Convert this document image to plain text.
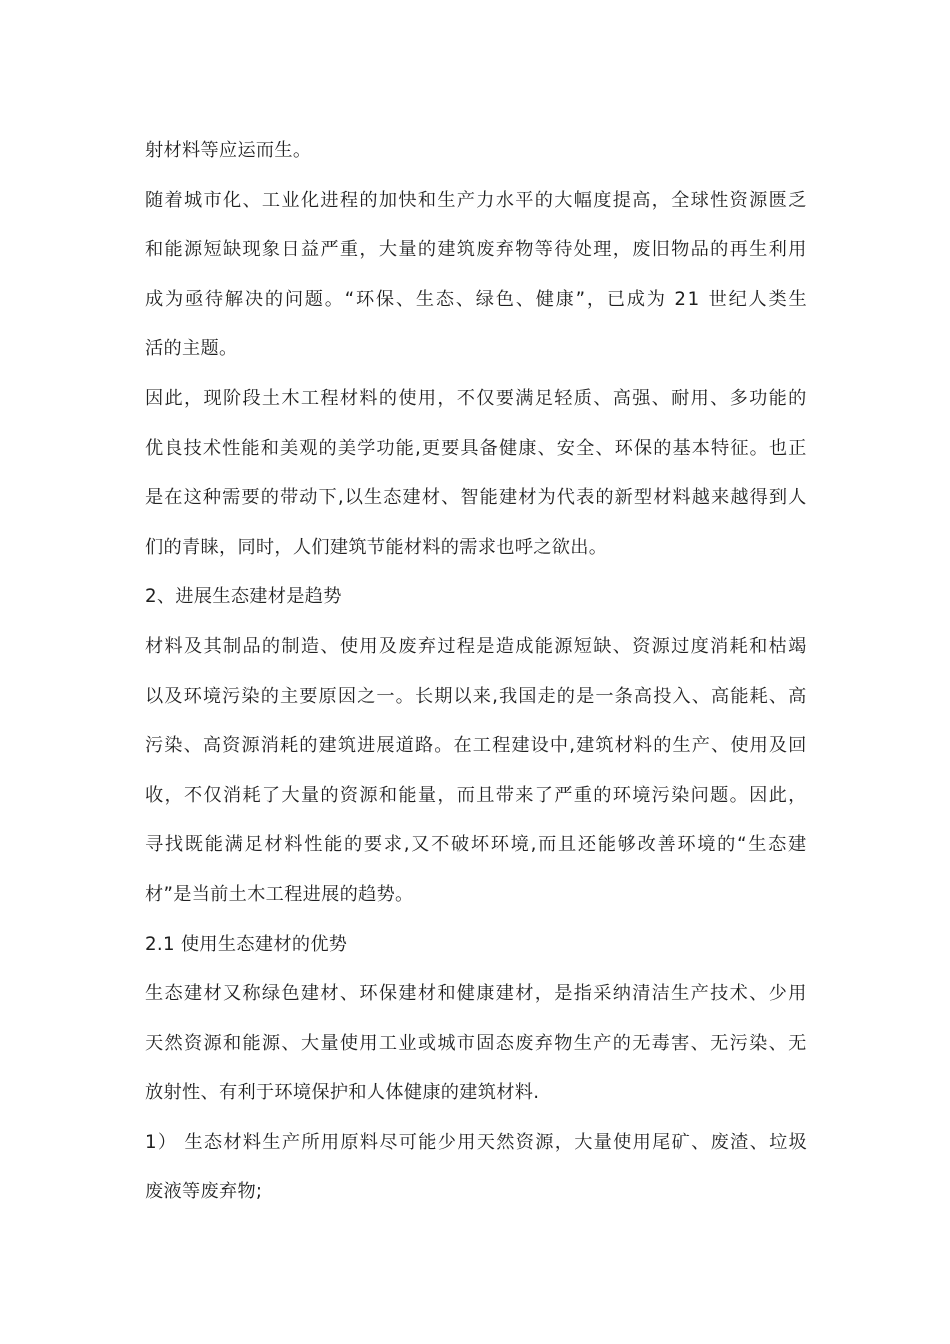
射材料等应运而生。
随着城市化、工业化进程的加快和生产力水平的大幅度提高，全球性资源匮乏
和能源短缺现象日益严重，大量的建筑废弃物等待处理，废旧物品的再生利用
成为亟待解决的问题。“环保、生态、绿色、健康”，已成为 21 世纪人类生
活的主题。
因此，现阶段土木工程材料的使用，不仅要满足轻质、高强、耐用、多功能的
优良技术性能和美观的美学功能,更要具备健康、安全、环保的基本特征。也正
是在这种需要的带动下,以生态建材、智能建材为代表的新型材料越来越得到人
们的青睐，同时，人们建筑节能材料的需求也呼之欲出。
2、进展生态建材是趋势
材料及其制品的制造、使用及废弃过程是造成能源短缺、资源过度消耗和枯竭
以及环境污染的主要原因之一。长期以来,我国走的是一条高投入、高能耗、高
污染、高资源消耗的建筑进展道路。在工程建设中,建筑材料的生产、使用及回
收，不仅消耗了大量的资源和能量，而且带来了严重的环境污染问题。因此，
寻找既能满足材料性能的要求,又不破坏环境,而且还能够改善环境的“生态建
材”是当前土木工程进展的趋势。
2.1 使用生态建材的优势
生态建材又称绿色建材、环保建材和健康建材，是指采纳清洁生产技术、少用
天然资源和能源、大量使用工业或城市固态废弃物生产的无毒害、无污染、无
放射性、有利于环境保护和人体健康的建筑材料.
1） 生态材料生产所用原料尽可能少用天然资源，大量使用尾矿、废渣、垃圾
废液等废弃物;
